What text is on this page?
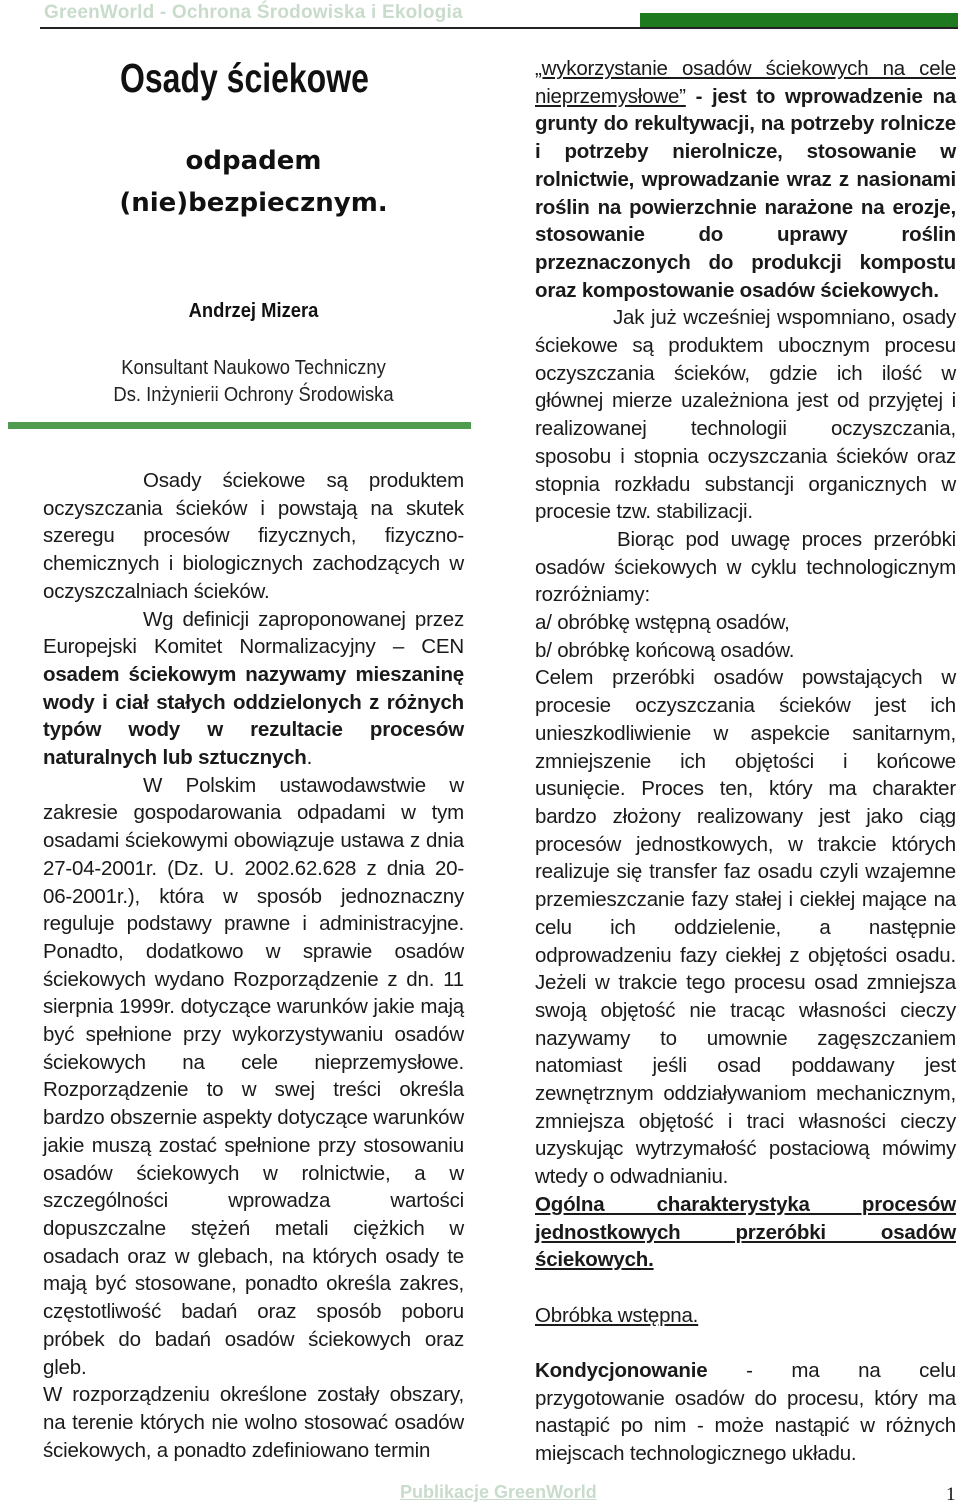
GreenWorld - Ochrona Środowiska i Ekologia
Osady ściekowe
odpadem
(nie)bezpiecznym.
Andrzej Mizera
Konsultant Naukowo Techniczny
Ds. Inżynierii Ochrony Środowiska

Osady ściekowe są produktem oczyszczania ścieków i powstają na skutek szeregu procesów fizycznych, fizyczno-chemicznych i biologicznych zachodzących w oczyszczalniach ścieków.

Wg definicji zaproponowanej przez Europejski Komitet Normalizacyjny – CEN osadem ściekowym nazywamy mieszaninę wody i ciał stałych oddzielonych z różnych typów wody w rezultacie procesów naturalnych lub sztucznych.

W Polskim ustawodawstwie w zakresie gospodarowania odpadami w tym osadami ściekowymi obowiązuje ustawa z dnia 27-04-2001r. (Dz. U. 2002.62.628 z dnia 20-06-2001r.), która w sposób jednoznaczny reguluje podstawy prawne i administracyjne. Ponadto, dodatkowo w sprawie osadów ściekowych wydano Rozporządzenie z dn. 11 sierpnia 1999r. dotyczące warunków jakie mają być spełnione przy wykorzystywaniu osadów ściekowych na cele nieprzemysłowe. Rozporządzenie to w swej treści określa bardzo obszernie aspekty dotyczące warunków jakie muszą zostać spełnione przy stosowaniu osadów ściekowych w rolnictwie, a w szczególności wprowadza wartości dopuszczalne stężeń metali ciężkich w osadach oraz w glebach, na których osady te mają być stosowane, ponadto określa zakres, częstotliwość badań oraz sposób poboru próbek do badań osadów ściekowych oraz gleb.

W rozporządzeniu określone zostały obszary, na terenie których nie wolno stosować osadów ściekowych, a ponadto zdefiniowano termin

„wykorzystanie osadów ściekowych na cele nieprzemysłowe” - jest to wprowadzenie na grunty do rekultywacji, na potrzeby rolnicze i potrzeby nierolnicze, stosowanie w rolnictwie, wprowadzanie wraz z nasionami roślin na powierzchnie narażone na erozje, stosowanie do uprawy roślin przeznaczonych do produkcji kompostu oraz kompostowanie osadów ściekowych.

Jak już wcześniej wspomniano, osady ściekowe są produktem ubocznym procesu oczyszczania ścieków, gdzie ich ilość w głównej mierze uzależniona jest od przyjętej i realizowanej technologii oczyszczania, sposobu i stopnia oczyszczania ścieków oraz stopnia rozkładu substancji organicznych w procesie tzw. stabilizacji.

Biorąc pod uwagę proces przeróbki osadów ściekowych w cyklu technologicznym rozróżniamy:

a/ obróbkę wstępną osadów,

b/ obróbkę końcową osadów.

Celem przeróbki osadów powstających w procesie oczyszczania ścieków jest ich unieszkodliwienie w aspekcie sanitarnym, zmniejszenie ich objętości i końcowe usunięcie. Proces ten, który ma charakter bardzo złożony realizowany jest jako ciąg procesów jednostkowych, w trakcie których realizuje się transfer faz osadu czyli wzajemne przemieszczanie fazy stałej i ciekłej mające na celu ich oddzielenie, a następnie odprowadzeniu fazy ciekłej z objętości osadu. Jeżeli w trakcie tego procesu osad zmniejsza swoją objętość nie tracąc własności cieczy nazywamy to umownie zagęszczaniem natomiast jeśli osad poddawany jest zewnętrznym oddziaływaniom mechanicznym, zmniejsza objętość i traci własności cieczy uzyskując wytrzymałość postaciową mówimy wtedy o odwadnianiu.

Ogólna charakterystyka procesów jednostkowych przeróbki osadów ściekowych.

Obróbka wstępna.

Kondycjonowanie - ma na celu przygotowanie osadów do procesu, który ma nastąpić po nim - może nastąpić w różnych miejscach technologicznego układu.

Publikacje GreenWorld	1
